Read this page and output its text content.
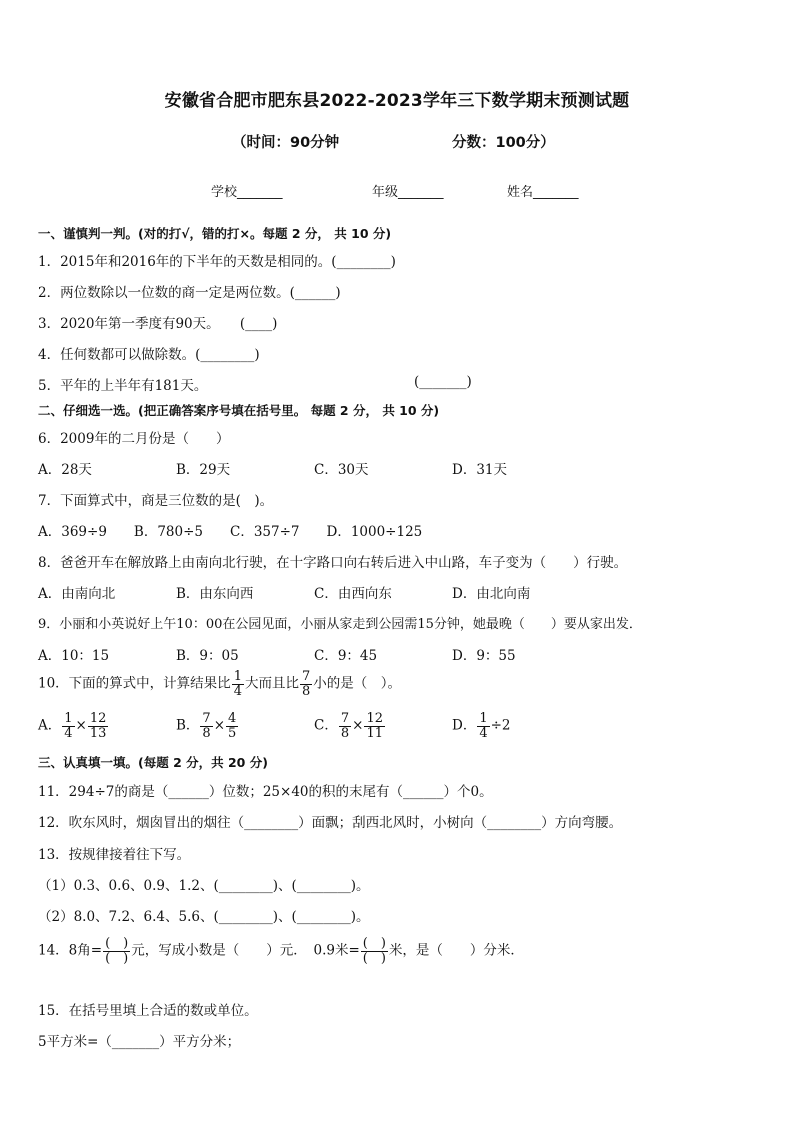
安徽省合肥市肥东县2022-2023学年三下数学期末预测试题
（时间：90分钟	分数：100分）
学校_______	年级_______	姓名_______
一、谨慎判一判。(对的打√，错的打×。每题 2 分， 共 10 分)
1．2015年和2016年的下半年的天数是相同的。(________)
2．两位数除以一位数的商一定是两位数。(______)
3．2020年第一季度有90天。　　(____)
4．任何数都可以做除数。(________)
5．平年的上半年有181天。	(_______)
二、仔细选一选。(把正确答案序号填在括号里。 每题 2 分， 共 10 分)
6．2009年的二月份是（　　）
A．28天	B．29天	C．30天	D．31天
7．下面算式中，商是三位数的是(　)。
A．369÷9　　B．780÷5　　C．357÷7　　D．1000÷125
8．爸爸开车在解放路上由南向北行驶，在十字路口向右转后进入中山路，车子变为（　　）行驶。
A．由南向北	B．由东向西	C．由西向东	D．由北向南
9．小丽和小英说好上午10：00在公园见面，小丽从家走到公园需15分钟，她最晚（　　）要从家出发．
A．10：15	B．9：05	C．9：45	D．9：55
10．下面的算式中，计算结果比 $\frac{1}{4}$ 大而且比 $\frac{7}{8}$ 小的是（　）。
A． $\frac{1}{4} \times \frac{12}{13}$	B． $\frac{7}{8} \times \frac{4}{5}$	C． $\frac{7}{8} \times \frac{12}{11}$	D． $\frac{1}{4} \div 2$
三、认真填一填。(每题 2 分，共 20 分)
11．294÷7的商是（______）位数；25×40的积的末尾有（______）个0。
12．吹东风时，烟囱冒出的烟往（________）面飘；刮西北风时，小树向（________）方向弯腰。
13．按规律接着往下写。
（1）0.3、0.6、0.9、1.2、(________)、(________)。
（2）8.0、7.2、6.4、5.6、(________)、(________)。
14．8角= $\frac{( )}{( )}$ 元，写成小数是（　　）元．　0.9米= $\frac{( )}{( )}$ 米，是（　　）分米．
15．在括号里填上合适的数或单位。
5平方米=（_______）平方分米；
